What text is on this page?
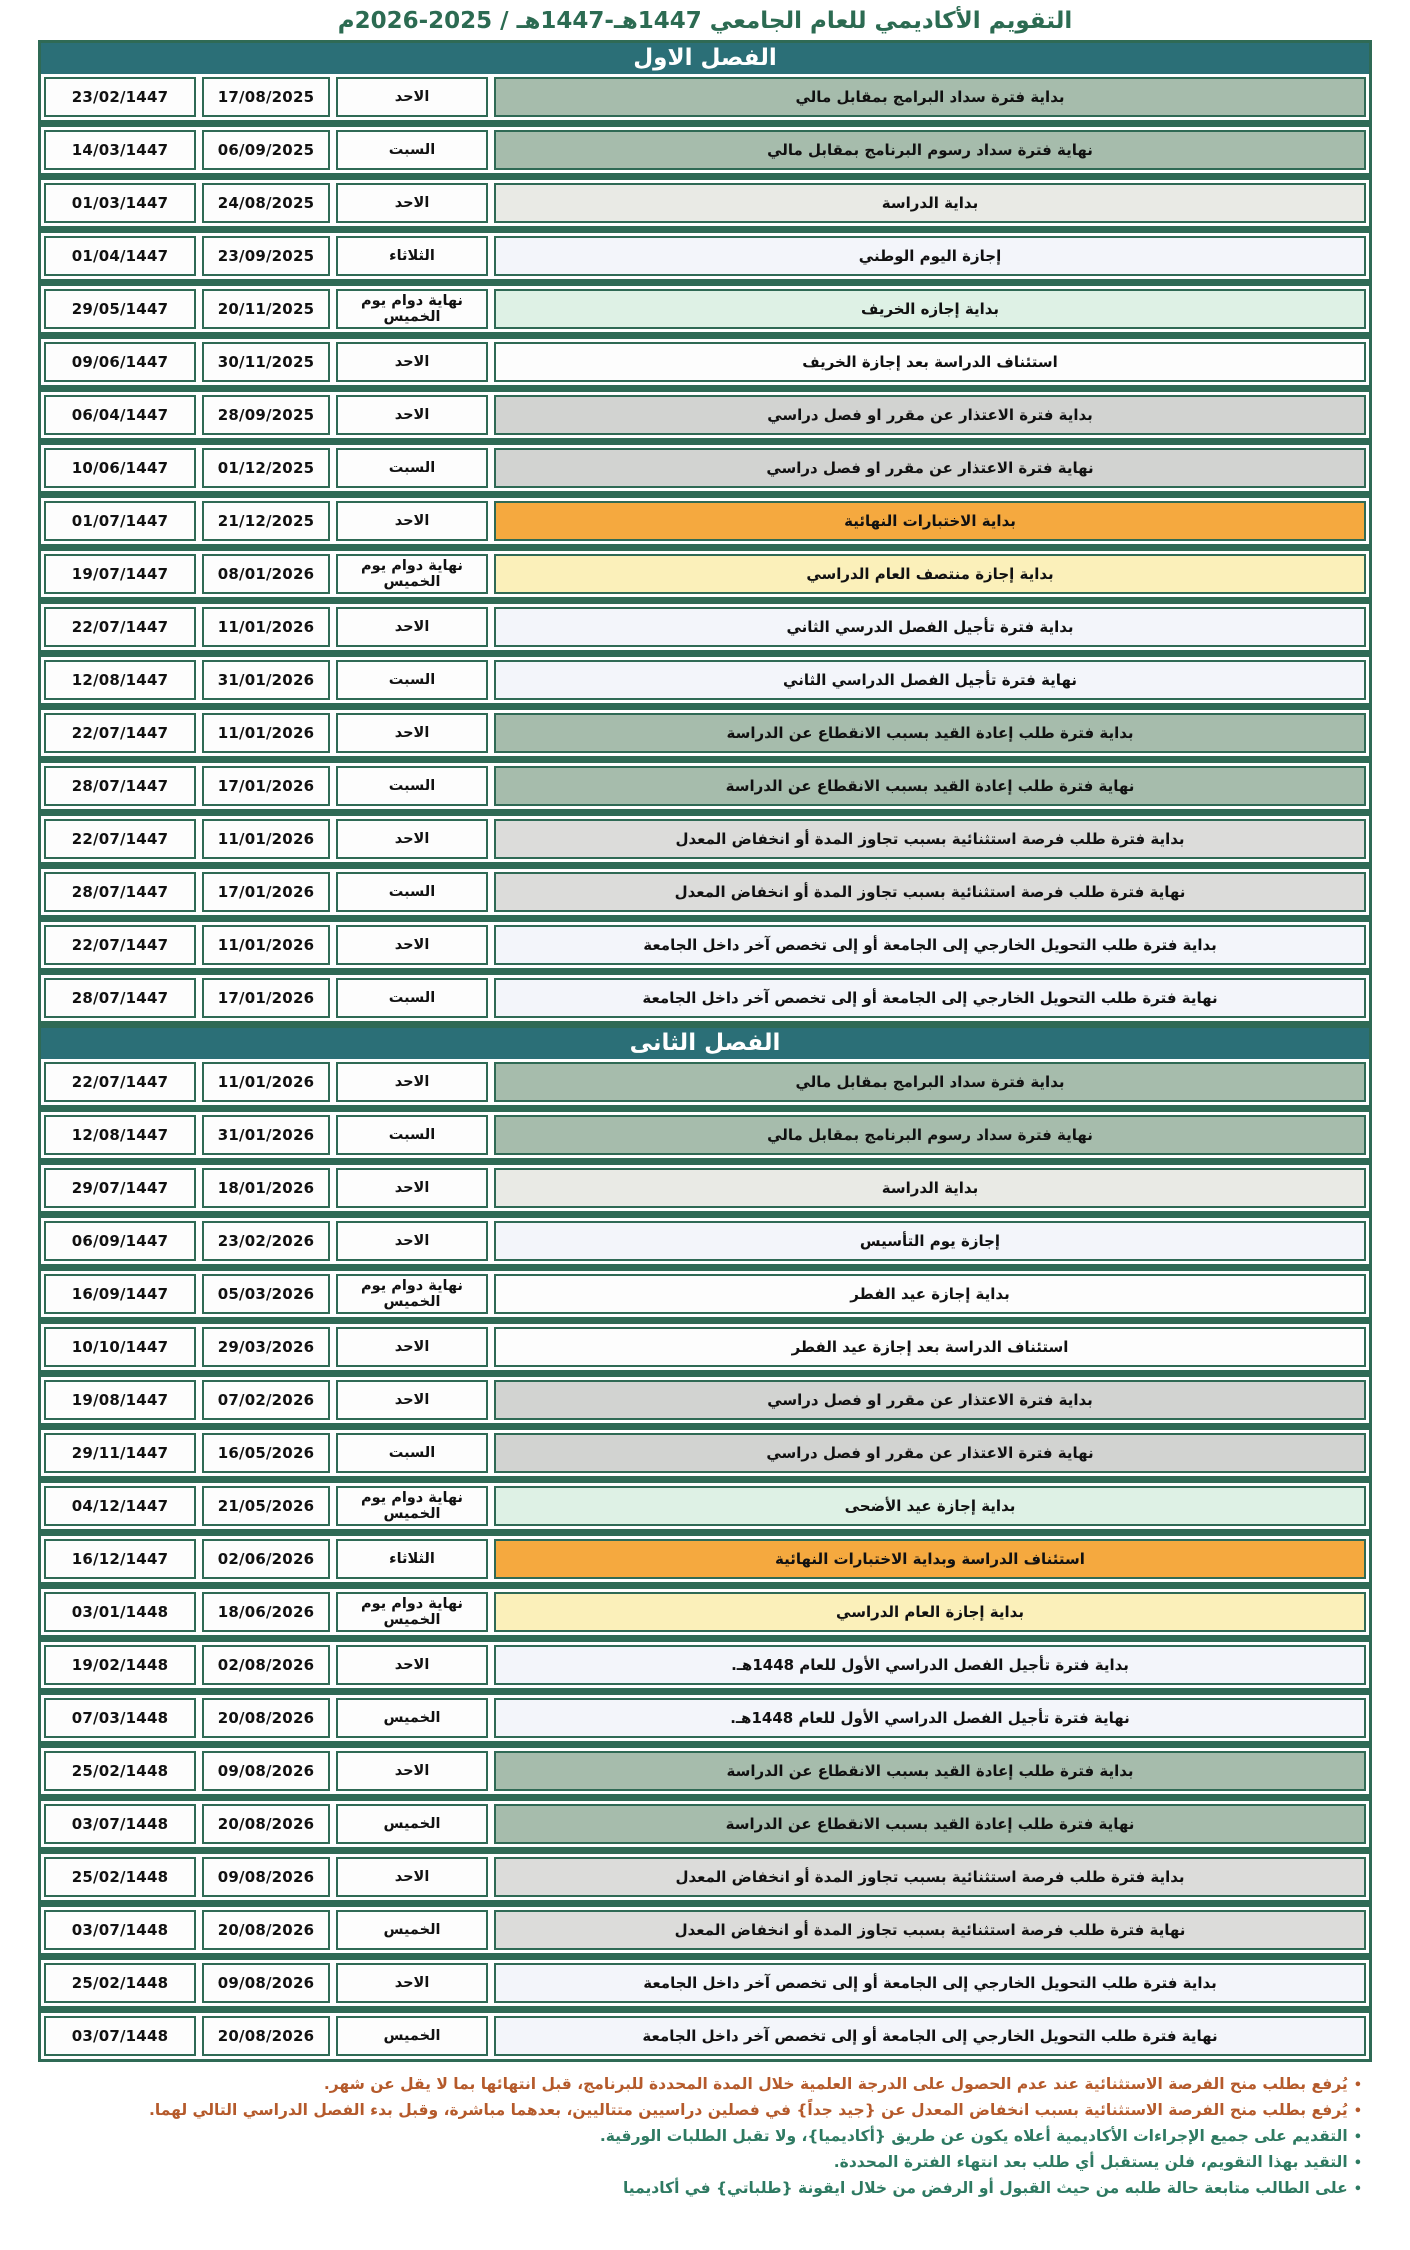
التقويم الأكاديمي للعام الجامعي 1447هـ-1447هـ / 2025-2026م
الفصل الاول
بداية فترة سداد البرامج بمقابل مالي
الاحد
17/08/2025
23/02/1447
نهاية فترة سداد رسوم البرنامج بمقابل مالي
السبت
06/09/2025
14/03/1447
بداية الدراسة
الاحد
24/08/2025
01/03/1447
إجازة اليوم الوطني
الثلاثاء
23/09/2025
01/04/1447
بداية إجازه الخريف
نهاية دوام يوم الخميس
20/11/2025
29/05/1447
استئناف الدراسة بعد إجازة الخريف
الاحد
30/11/2025
09/06/1447
بداية فترة الاعتذار عن مقرر او فصل دراسي
الاحد
28/09/2025
06/04/1447
نهاية فترة الاعتذار عن مقرر او فصل دراسي
السبت
01/12/2025
10/06/1447
بداية الاختبارات النهائية
الاحد
21/12/2025
01/07/1447
بداية إجازة منتصف العام الدراسي
نهاية دوام يوم الخميس
08/01/2026
19/07/1447
بداية فترة تأجيل الفصل الدرسي الثاني
الاحد
11/01/2026
22/07/1447
نهاية فترة تأجيل الفصل الدراسي الثاني
السبت
31/01/2026
12/08/1447
بداية فترة طلب إعادة القيد بسبب الانقطاع عن الدراسة
الاحد
11/01/2026
22/07/1447
نهاية فترة طلب إعادة القيد بسبب الانقطاع عن الدراسة
السبت
17/01/2026
28/07/1447
بداية فترة طلب فرصة استثنائية بسبب تجاوز المدة أو انخفاض المعدل
الاحد
11/01/2026
22/07/1447
نهاية فترة طلب فرصة استثنائية بسبب تجاوز المدة أو انخفاض المعدل
السبت
17/01/2026
28/07/1447
بداية فترة طلب التحويل الخارجي إلى الجامعة أو إلى تخصص آخر داخل الجامعة
الاحد
11/01/2026
22/07/1447
نهاية فترة طلب التحويل الخارجي إلى الجامعة أو إلى تخصص آخر داخل الجامعة
السبت
17/01/2026
28/07/1447
الفصل الثانى
بداية فترة سداد البرامج بمقابل مالي
الاحد
11/01/2026
22/07/1447
نهاية فترة سداد رسوم البرنامج بمقابل مالي
السبت
31/01/2026
12/08/1447
بداية الدراسة
الاحد
18/01/2026
29/07/1447
إجازة يوم التأسيس
الاحد
23/02/2026
06/09/1447
بداية إجازة عيد الفطر
نهاية دوام يوم الخميس
05/03/2026
16/09/1447
استئناف الدراسة بعد إجازة عيد الفطر
الاحد
29/03/2026
10/10/1447
بداية فترة الاعتذار عن مقرر او فصل دراسي
الاحد
07/02/2026
19/08/1447
نهاية فترة الاعتذار عن مقرر او فصل دراسي
السبت
16/05/2026
29/11/1447
بداية إجازة عيد الأضحى
نهاية دوام يوم الخميس
21/05/2026
04/12/1447
استئناف الدراسة وبداية الاختبارات النهائية
الثلاثاء
02/06/2026
16/12/1447
بداية إجازة العام الدراسي
نهاية دوام يوم الخميس
18/06/2026
03/01/1448
بداية فترة تأجيل الفصل الدراسي الأول للعام 1448هـ.
الاحد
02/08/2026
19/02/1448
نهاية فترة تأجيل الفصل الدراسي الأول للعام 1448هـ.
الخميس
20/08/2026
07/03/1448
بداية فترة طلب إعادة القيد بسبب الانقطاع عن الدراسة
الاحد
09/08/2026
25/02/1448
نهاية فترة طلب إعادة القيد بسبب الانقطاع عن الدراسة
الخميس
20/08/2026
03/07/1448
بداية فترة طلب فرصة استثنائية بسبب تجاوز المدة أو انخفاض المعدل
الاحد
09/08/2026
25/02/1448
نهاية فترة طلب فرصة استثنائية بسبب تجاوز المدة أو انخفاض المعدل
الخميس
20/08/2026
03/07/1448
بداية فترة طلب التحويل الخارجي إلى الجامعة أو إلى تخصص آخر داخل الجامعة
الاحد
09/08/2026
25/02/1448
نهاية فترة طلب التحويل الخارجي إلى الجامعة أو إلى تخصص آخر داخل الجامعة
الخميس
20/08/2026
03/07/1448
•يُرفع بطلب منح الفرصة الاستثنائية عند عدم الحصول على الدرجة العلمية خلال المدة المحددة للبرنامج، قبل انتهائها بما لا يقل عن شهر.
•يُرفع بطلب منح الفرصة الاستثنائية بسبب انخفاض المعدل عن {جيد جداً} في فصلين دراسيين متتاليين، بعدهما مباشرة، وقبل بدء الفصل الدراسي التالي لهما.
•التقديم على جميع الإجراءات الأكاديمية أعلاه يكون عن طريق {أكاديميا}، ولا تقبل الطلبات الورقية.
•التقيد بهذا التقويم، فلن يستقبل أي طلب بعد انتهاء الفترة المحددة.
•على الطالب متابعة حالة طلبه من حيث القبول أو الرفض من خلال ايقونة {طلباتي} في أكاديميا
